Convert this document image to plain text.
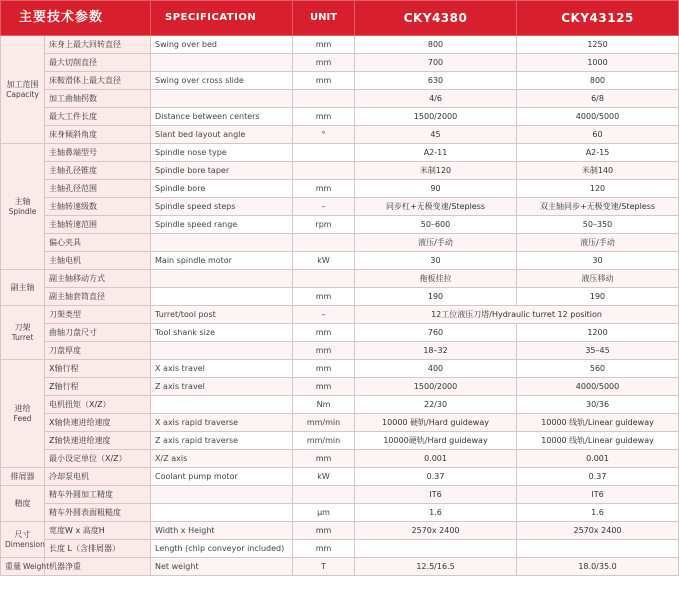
主要技术参数		SPECIFICATION	UNIT	CKY4380	CKY43125

加工范围
Capacity	床身上最大回转直径	Swing over bed	mm	800	1250
	最大切削直径		mm	700	1000
	床鞍滑体上最大直径	Swing over cross slide	mm	630	800
	加工曲轴拐数			4/6	6/8
	最大工件长度	Distance between centers	mm	1500/2000	4000/5000
	床身倾斜角度	Slant bed layout angle	°	45	60

主轴
Spindle	主轴鼻端型号	Spindle nose type		A2-11	A2-15
	主轴孔径锥度	Spindle bore taper		米制120	米制140
	主轴孔径范围	Spindle bore	mm	90	120
	主轴转速级数	Spindle speed steps	–	同步杠+无极变速/Stepless	双主轴同步+无极变速/Stepless
	主轴转速范围	Spindle speed range	rpm	50–600	50–350
	偏心夹具			液压/手动	液压/手动
	主轴电机	Main spindle motor	kW	30	30

副主轴	副主轴移动方式			拖板挂拉	液压移动
	副主轴套筒直径		mm	190	190

刀架
Turret	刀架类型	Turret/tool post	–	12工位液压刀塔/Hydraulic turret 12 position	
	曲轴刀盘尺寸	Tool shank size	mm	760	1200
	刀盘厚度		mm	18–32	35–45

进给
Feed	X轴行程	X axis travel	mm	400	560
	Z轴行程	Z axis travel	mm	1500/2000	4000/5000
	电机扭矩（X/Z）		Nm	22/30	30/36
	X轴快速进给速度	X axis rapid traverse	mm/min	10000 硬轨/Hard guideway	10000 线轨/Linear guideway
	Z轴快速进给速度	Z axis rapid traverse	mm/min	10000硬轨/Hard guideway	10000 线轨/Linear guideway
	最小设定单位（X/Z）	X/Z axis	mm	0.001	0.001

排屑器	冷却泵电机	Coolant pump motor	kW	0.37	0.37

精度	精车外圆加工精度			IT6	IT6
	精车外圆表面粗糙度		μm	1.6	1.6

尺寸
Dimension	宽度W x 高度H	Width x Height	mm	2570x 2400	2570x 2400
	长度 L（含排屑器）	Length (chip conveyor included)	mm		
重量 Weight	机器净重	Net weight	T	12.5/16.5	18.0/35.0
